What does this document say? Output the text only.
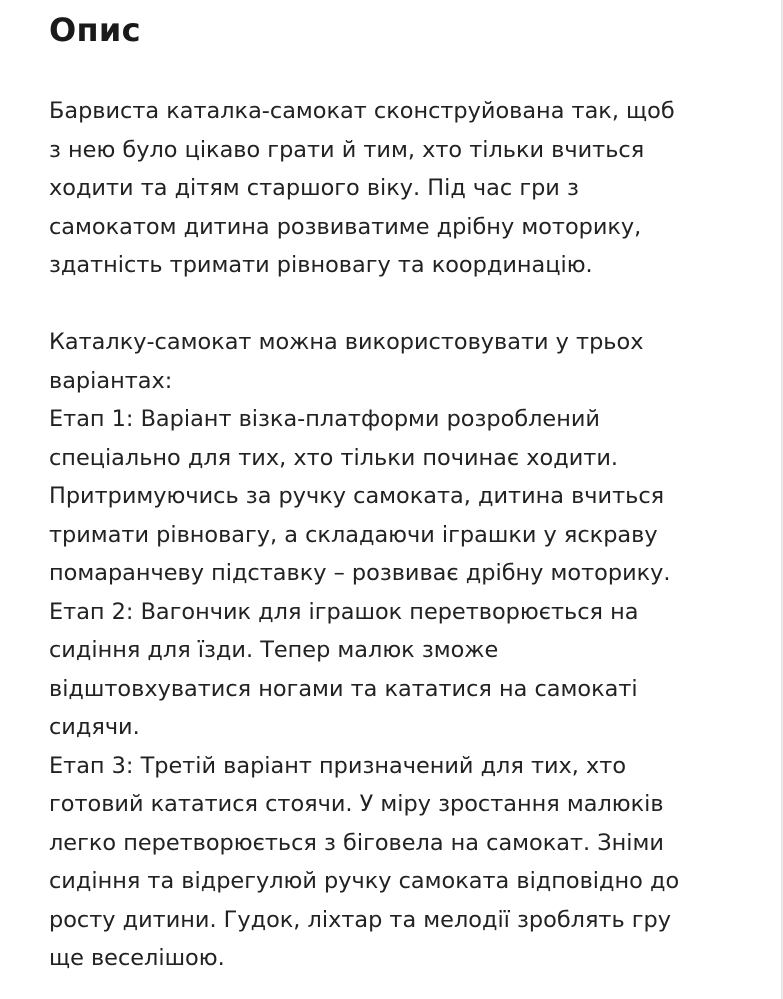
Опис

Барвиста каталка-самокат сконструйована так, щоб
з нею було цікаво грати й тим, хто тільки вчиться
ходити та дітям старшого віку. Під час гри з
самокатом дитина розвиватиме дрібну моторику,
здатність тримати рівновагу та координацію.

Каталку-самокат можна використовувати у трьох
варіантах:
Етап 1: Варіант візка-платформи розроблений
спеціально для тих, хто тільки починає ходити.
Притримуючись за ручку самоката, дитина вчиться
тримати рівновагу, а складаючи іграшки у яскраву
помаранчеву підставку – розвиває дрібну моторику.
Етап 2: Вагончик для іграшок перетворюється на
сидіння для їзди. Тепер малюк зможе
відштовхуватися ногами та кататися на самокаті
сидячи.
Етап 3: Третій варіант призначений для тих, хто
готовий кататися стоячи. У міру зростання малюків
легко перетворюється з біговела на самокат. Зніми
сидіння та відрегулюй ручку самоката відповідно до
росту дитини. Гудок, ліхтар та мелодії зроблять гру
ще веселішою.
